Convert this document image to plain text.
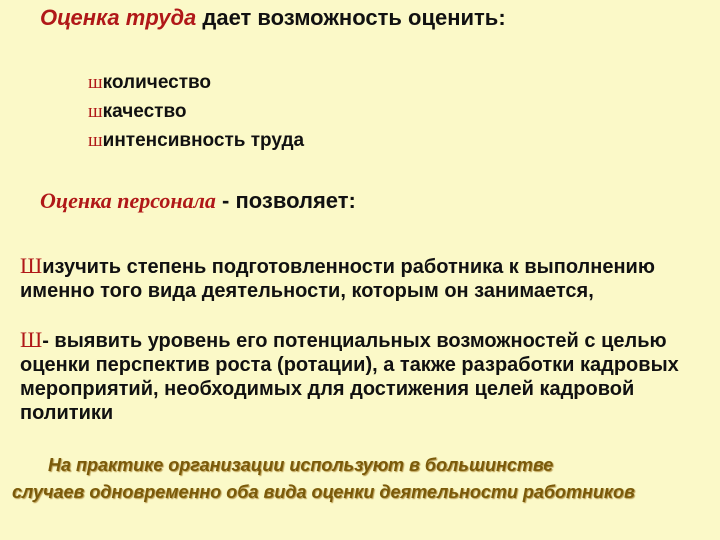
Оценка труда дает возможность оценить:
школичество
шкачество
шинтенсивность труда
Оценка персонала - позволяет:
Шизучить степень подготовленности работника к выполнению именно того вида деятельности, которым он занимается,
Ш- выявить уровень его потенциальных возможностей с целью оценки перспектив роста (ротации), а также разработки кадровых мероприятий, необходимых для достижения целей кадровой политики
На практике организации используют в большинстве
случаев одновременно оба вида оценки деятельности работников
